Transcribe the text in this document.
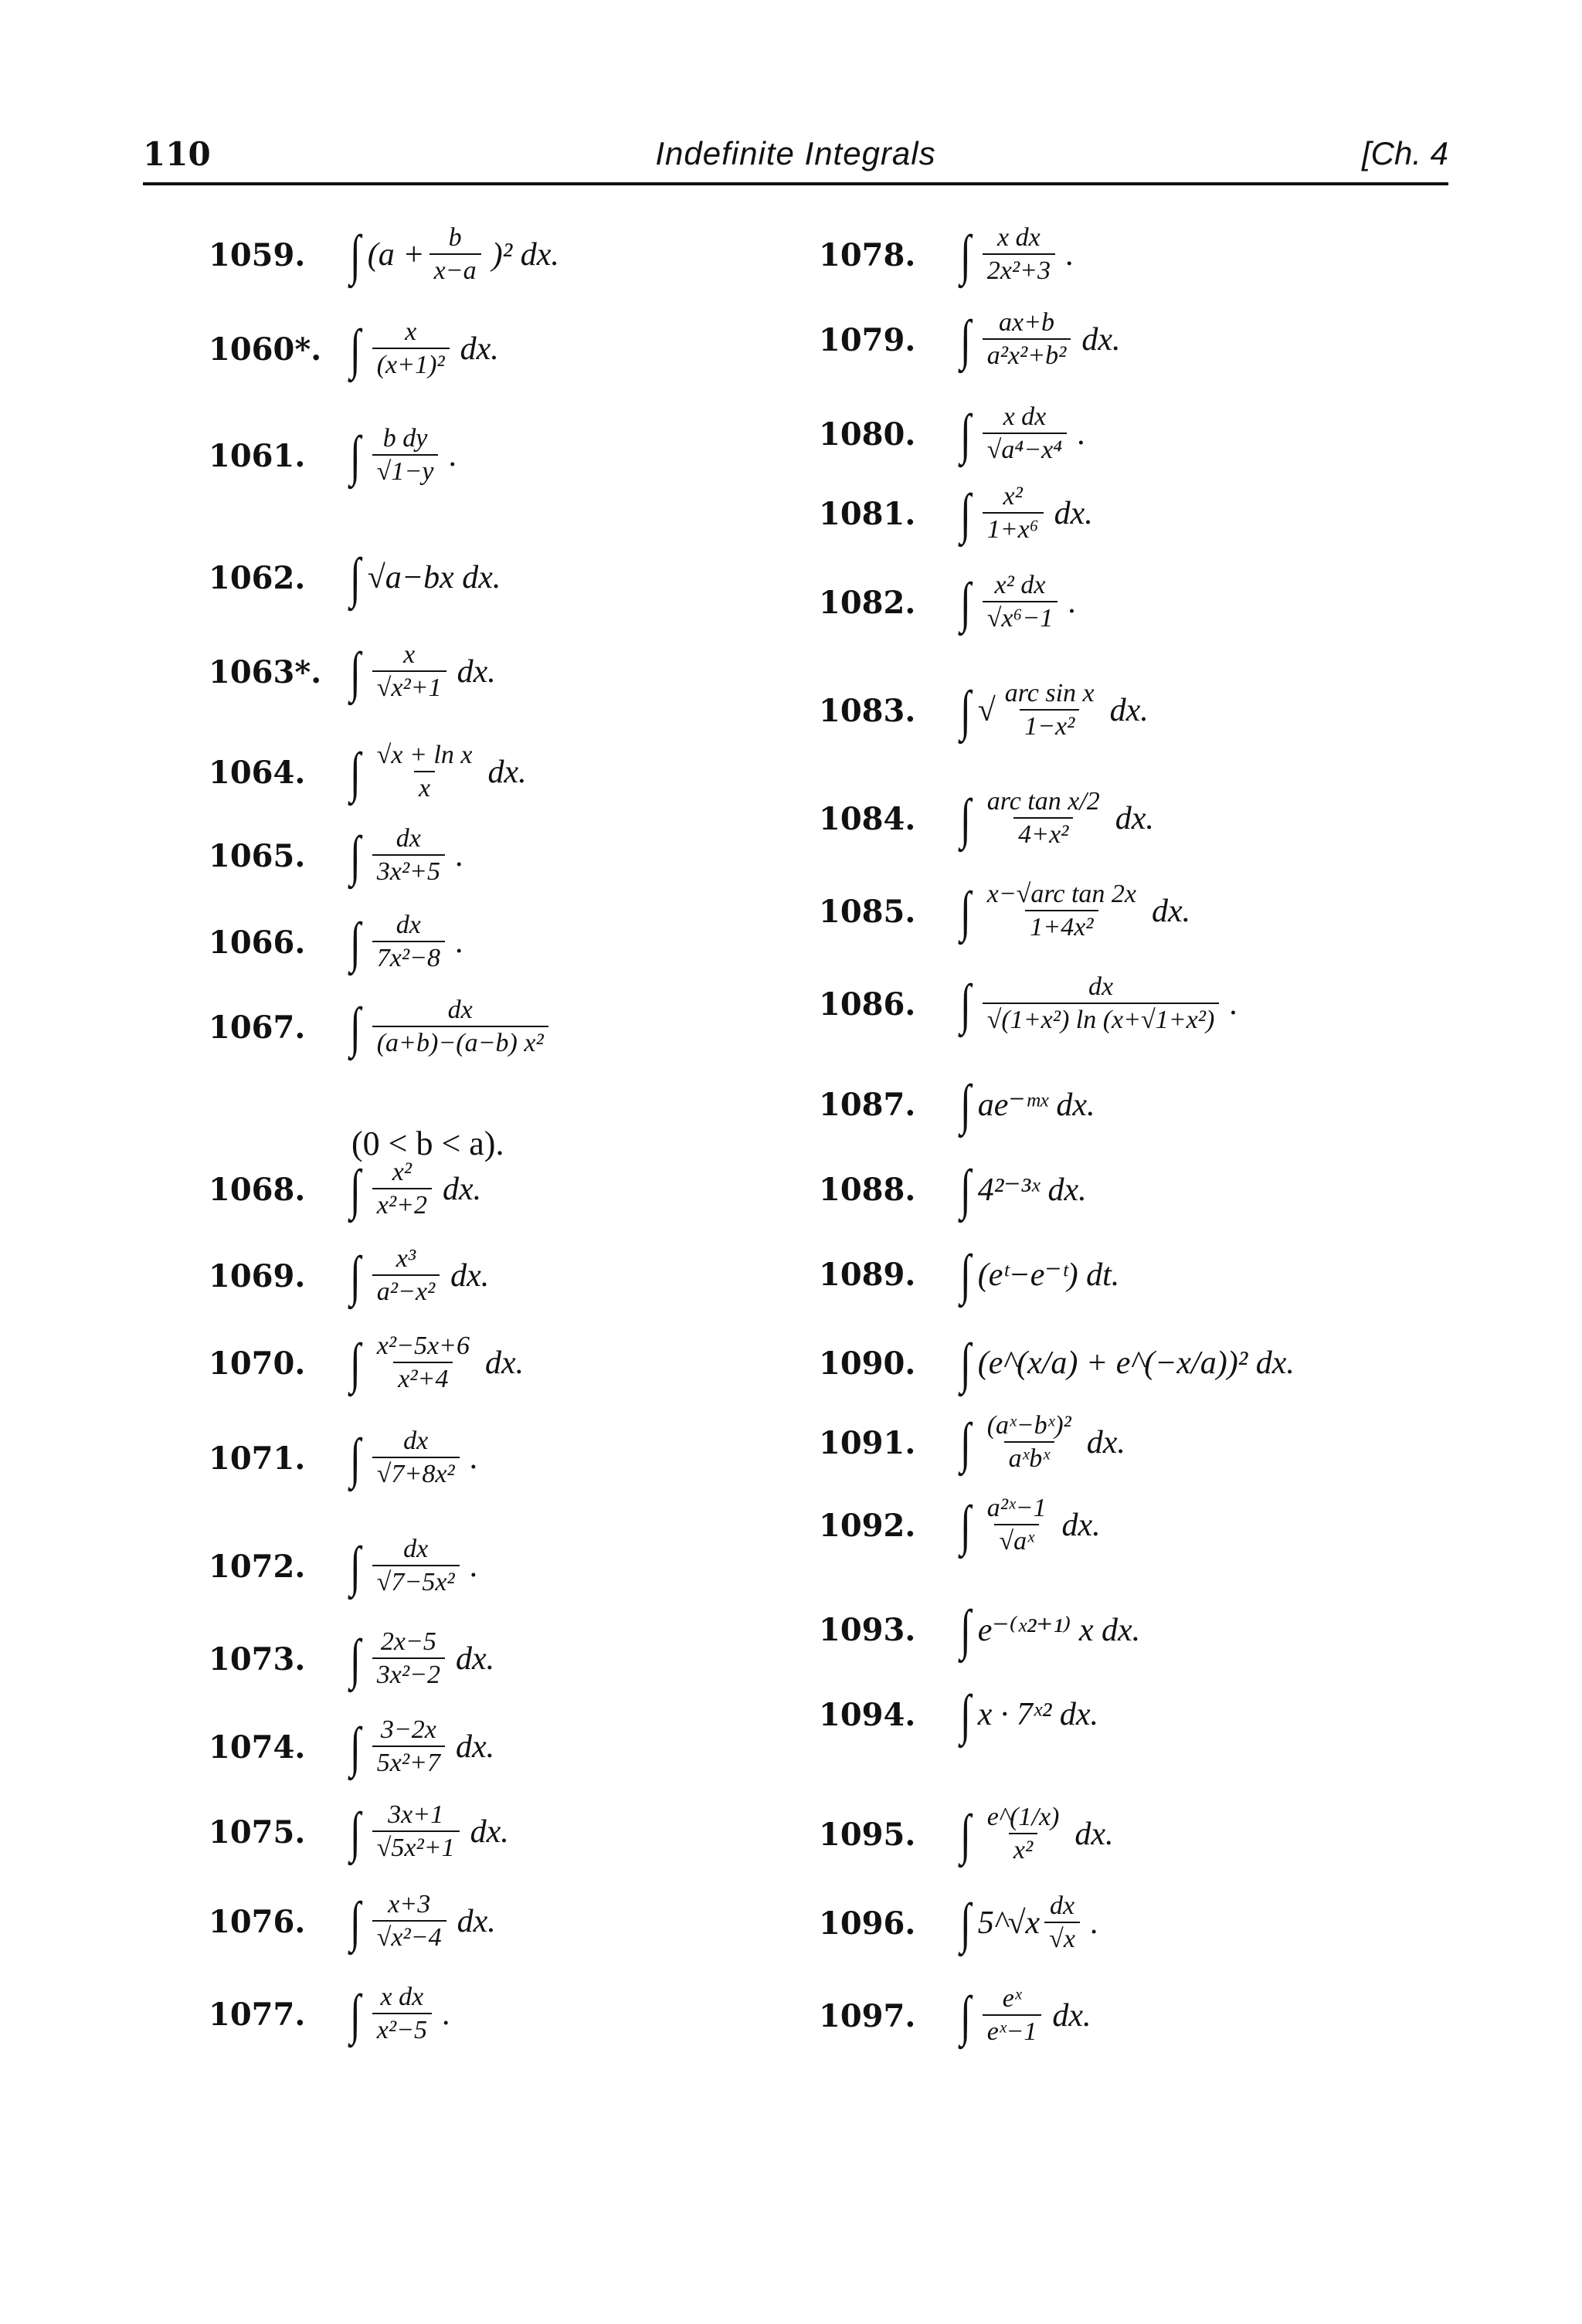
110	Indefinite Integrals	[Ch. 4
1059. ∫ $(a + \frac{b}{x-a} )^2$ dx.
1060*. ∫ $\frac{x}{\text{(x+1)²}}$ dx.
1061. ∫ $\frac{\text{b dy}}{√1-y}$ .
1062. ∫ √a−bx dx.
1063*. ∫ $\frac{x}{\text{√x²+1}}$ dx.
1064. ∫ $\frac{\text{√x + ln x}}{x}$ dx.
1065. ∫ $\frac{dx}{\text{3x²+5}}$ .
1066. ∫ $\frac{dx}{\text{7x²−8}}$ .
1067. ∫ $\frac{dx}{\text{(a+b)−(a−b) x²}}$
1068. ∫ $\frac{\text{x²}}{\text{x²+2}}$ dx.
1069. ∫ $\frac{\text{x³}}{\text{a²−x²}}$ dx.
1070. ∫ $\frac{\text{x²−5x+6}}{\text{x²+4}}$ dx.
1071. ∫ $\frac{dx}{\text{√7+8x²}}$ .
1072. ∫ $\frac{dx}{\text{√7−5x²}}$ .
1073. ∫ $\frac{2x-5}{\text{3x²−2}}$ dx.
1074. ∫ $\frac{3-2x}{\text{5x²+7}}$ dx.
1075. ∫ $\frac{3x+1}{\text{√5x²+1}}$ dx.
1076. ∫ $\frac{x+3}{\text{√x²−4}}$ dx.
1077. ∫ $\frac{\text{x dx}}{\text{x²−5}}$ .
1078. ∫ $\frac{\text{x dx}}{\text{2x²+3}}$ .
1079. ∫ $\frac{ax+b}{\text{a²x²+b²}}$ dx.
1080. ∫ $\frac{\text{x dx}}{\text{√a⁴−x⁴}}$ .
1081. ∫ $\frac{\text{x²}}{\text{1+x⁶}}$ dx.
1082. ∫ $\frac{\text{x² dx}}{\text{√x⁶−1}}$ .
1083. ∫ √ arc sin x
1−x² dx.
1084. ∫ arc tan x/2
4+x² dx.
1085. ∫ x−√arc tan 2x
1+4x² dx.
1086. ∫ $\frac{dx}{\text{√(1+x²) ln (x+√1+x²)}}$ .
1087. ∫ ae⁻ᵐˣ dx.
1088. ∫ 4²⁻³ˣ dx.
1089. ∫ (eᵗ−e⁻ᵗ) dt.
1090. ∫ (e^(x/a) + e^(−x/a))² dx.
1091. ∫ (aˣ−bˣ)²
aˣbˣ dx.
1092. ∫ $\frac{\text{a²ˣ−1}}{\text{√aˣ}}$ dx.
1093. ∫ e⁻⁽ˣ²⁺¹⁾ x dx.
1094. ∫ x · 7ˣ² dx.
1095. ∫ $\frac{e\^{}(1/x)}{\text{x²}}$ dx.
1096. ∫ 5^√x $\frac{dx}{√x}$ .
1097. ∫ $\frac{\text{eˣ}}{\text{eˣ−1}}$ dx.
(0 < b < a).
